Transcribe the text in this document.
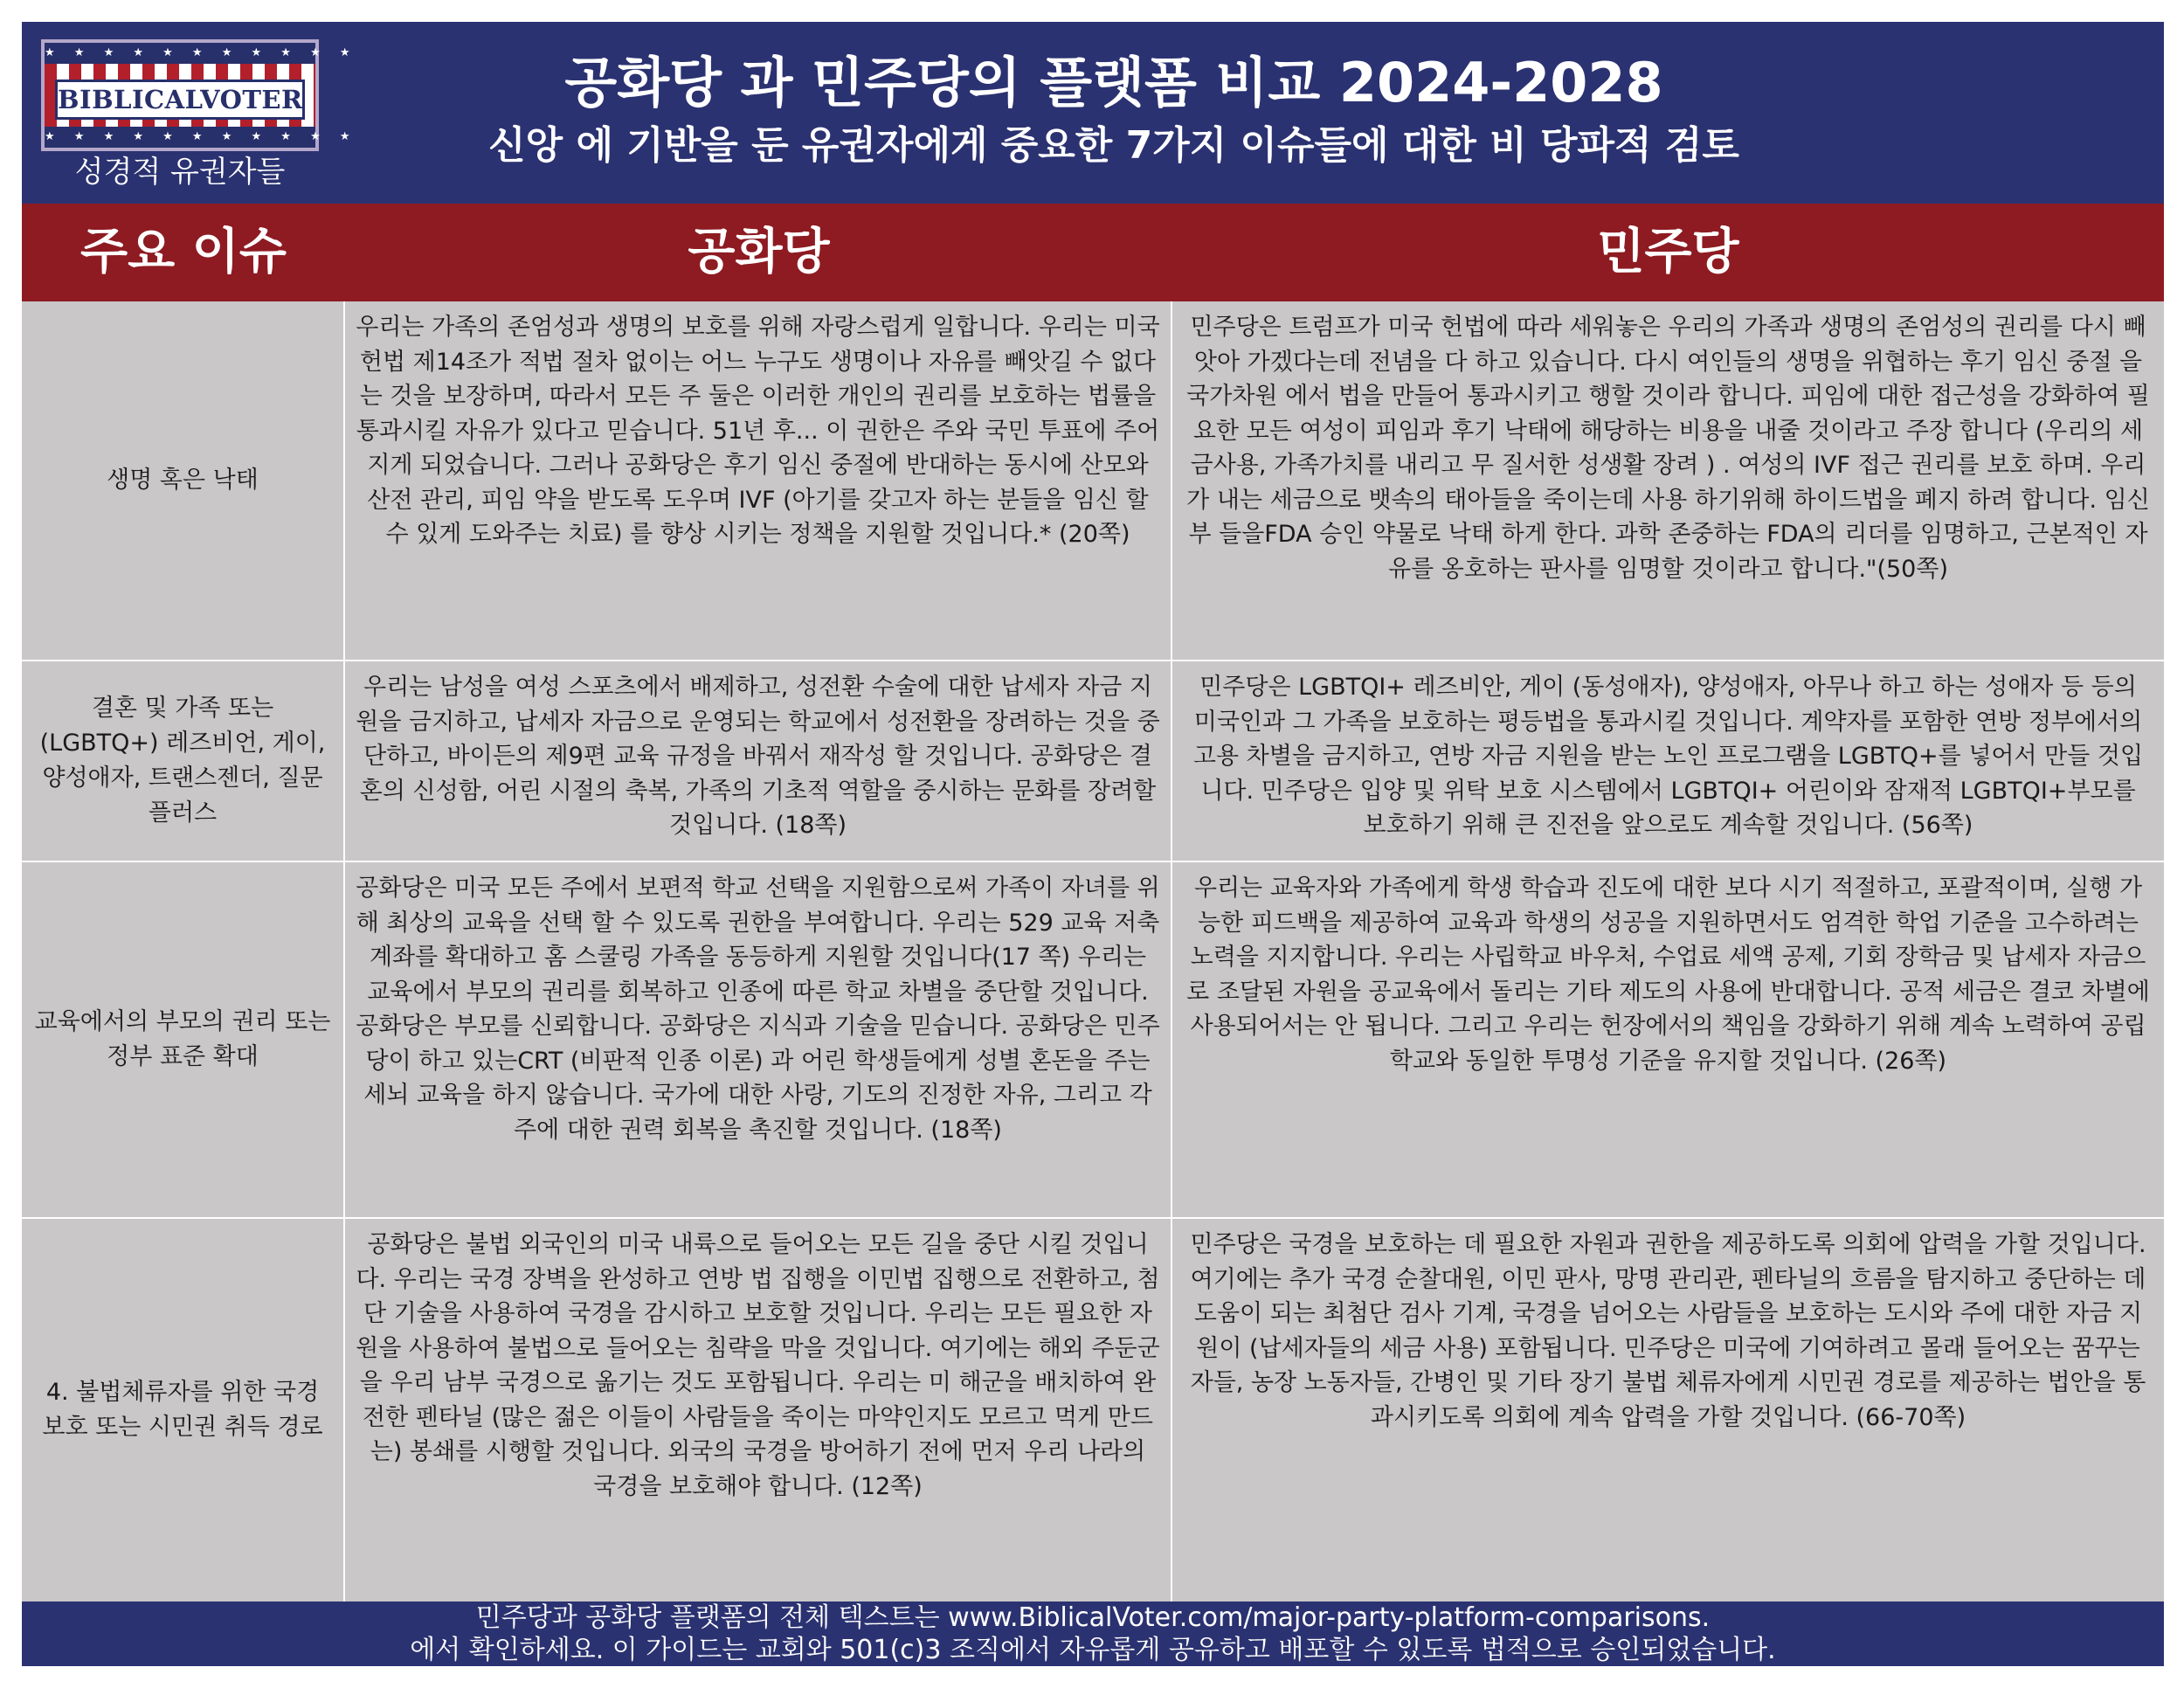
★ ★ ★ ★ ★ ★ ★ ★ ★ ★ ★
BIBLICALVOTER
★ ★ ★ ★ ★ ★ ★ ★ ★ ★ ★
성경적 유권자들
공화당 과 민주당의 플랫폼 비교 2024-2028
신앙 에 기반을 둔 유권자에게 중요한 7가지 이슈들에 대한 비 당파적 검토
주요 이슈	공화당	민주당
생명 혹은 낙태
우리는 가족의 존엄성과 생명의 보호를 위해 자랑스럽게 일합니다. 우리는 미국 헌법 제14조가 적법 절차 없이는 어느 누구도 생명이나 자유를 빼앗길 수 없다는 것을 보장하며, 따라서 모든 주 둘은 이러한 개인의 권리를 보호하는 법률을 통과시킬 자유가 있다고 믿습니다. 51년 후... 이 권한은 주와 국민 투표에 주어지게 되었습니다. 그러나 공화당은 후기 임신 중절에 반대하는 동시에 산모와 산전 관리, 피임 약을 받도록 도우며 IVF (아기를 갖고자 하는 분들을 임신 할 수 있게 도와주는 치료) 를 향상 시키는 정책을 지원할 것입니다.* (20쪽)
민주당은 트럼프가 미국 헌법에 따라 세워놓은 우리의 가족과 생명의 존엄성의 권리를 다시 빼앗아 가겠다는데 전념을 다 하고 있습니다. 다시 여인들의 생명을 위협하는 후기 임신 중절 을 국가차원 에서 법을 만들어 통과시키고 행할 것이라 합니다. 피임에 대한 접근성을 강화하여 필요한 모든 여성이 피임과 후기 낙태에 해당하는 비용을 내줄 것이라고 주장 합니다 (우리의 세금사용, 가족가치를 내리고 무 질서한 성생활 장려 ) . 여성의 IVF 접근 권리를 보호 하며. 우리가 내는 세금으로 뱃속의 태아들을 죽이는데 사용 하기위해 하이드법을 폐지 하려 합니다. 임신부 들을FDA 승인 약물로 낙태 하게 한다. 과학 존중하는 FDA의 리더를 임명하고, 근본적인 자유를 옹호하는 판사를 임명할 것이라고 합니다."(50쪽)
결혼 및 가족 또는 (LGBTQ+) 레즈비언, 게이, 양성애자, 트랜스젠더, 질문 플러스
우리는 남성을 여성 스포츠에서 배제하고, 성전환 수술에 대한 납세자 자금 지원을 금지하고, 납세자 자금으로 운영되는 학교에서 성전환을 장려하는 것을 중단하고, 바이든의 제9편 교육 규정을 바꿔서 재작성 할 것입니다. 공화당은 결혼의 신성함, 어린 시절의 축복, 가족의 기초적 역할을 중시하는 문화를 장려할 것입니다. (18쪽)
민주당은 LGBTQI+ 레즈비안, 게이 (동성애자), 양성애자, 아무나 하고 하는 성애자 등 등의 미국인과 그 가족을 보호하는 평등법을 통과시킬 것입니다. 계약자를 포함한 연방 정부에서의 고용 차별을 금지하고, 연방 자금 지원을 받는 노인 프로그램을 LGBTQ+를 넣어서 만들 것입니다. 민주당은 입양 및 위탁 보호 시스템에서 LGBTQI+ 어린이와 잠재적 LGBTQI+부모를 보호하기 위해 큰 진전을 앞으로도 계속할 것입니다. (56쪽)
교육에서의 부모의 권리 또는 정부 표준 확대
공화당은 미국 모든 주에서 보편적 학교 선택을 지원함으로써 가족이 자녀를 위해 최상의 교육을 선택 할 수 있도록 권한을 부여합니다. 우리는 529 교육 저축 계좌를 확대하고 홈 스쿨링 가족을 동등하게 지원할 것입니다(17 쪽) 우리는 교육에서 부모의 권리를 회복하고 인종에 따른 학교 차별을 중단할 것입니다. 공화당은 부모를 신뢰합니다. 공화당은 지식과 기술을 믿습니다. 공화당은 민주당이 하고 있는CRT (비판적 인종 이론) 과 어린 학생들에게 성별 혼돈을 주는 세뇌 교육을 하지 않습니다. 국가에 대한 사랑, 기도의 진정한 자유, 그리고 각 주에 대한 권력 회복을 촉진할 것입니다. (18쪽)
우리는 교육자와 가족에게 학생 학습과 진도에 대한 보다 시기 적절하고, 포괄적이며, 실행 가능한 피드백을 제공하여 교육과 학생의 성공을 지원하면서도 엄격한 학업 기준을 고수하려는 노력을 지지합니다. 우리는 사립학교 바우처, 수업료 세액 공제, 기회 장학금 및 납세자 자금으로 조달된 자원을 공교육에서 돌리는 기타 제도의 사용에 반대합니다. 공적 세금은 결코 차별에 사용되어서는 안 됩니다. 그리고 우리는 헌장에서의 책임을 강화하기 위해 계속 노력하여 공립학교와 동일한 투명성 기준을 유지할 것입니다. (26쪽)
4. 불법체류자를 위한 국경 보호 또는 시민권 취득 경로
공화당은 불법 외국인의 미국 내륙으로 들어오는 모든 길을 중단 시킬 것입니다. 우리는 국경 장벽을 완성하고 연방 법 집행을 이민법 집행으로 전환하고, 첨단 기술을 사용하여 국경을 감시하고 보호할 것입니다. 우리는 모든 필요한 자원을 사용하여 불법으로 들어오는 침략을 막을 것입니다. 여기에는 해외 주둔군을 우리 남부 국경으로 옮기는 것도 포함됩니다. 우리는 미 해군을 배치하여 완전한 펜타닐 (많은 젊은 이들이 사람들을 죽이는 마약인지도 모르고 먹게 만드는) 봉쇄를 시행할 것입니다. 외국의 국경을 방어하기 전에 먼저 우리 나라의 국경을 보호해야 합니다. (12쪽)
민주당은 국경을 보호하는 데 필요한 자원과 권한을 제공하도록 의회에 압력을 가할 것입니다. 여기에는 추가 국경 순찰대원, 이민 판사, 망명 관리관, 펜타닐의 흐름을 탐지하고 중단하는 데 도움이 되는 최첨단 검사 기계, 국경을 넘어오는 사람들을 보호하는 도시와 주에 대한 자금 지원이 (납세자들의 세금 사용) 포함됩니다. 민주당은 미국에 기여하려고 몰래 들어오는 꿈꾸는자들, 농장 노동자들, 간병인 및 기타 장기 불법 체류자에게 시민권 경로를 제공하는 법안을 통과시키도록 의회에 계속 압력을 가할 것입니다. (66-70쪽)
민주당과 공화당 플랫폼의 전체 텍스트는 www.BiblicalVoter.com/major-party-platform-comparisons.
에서 확인하세요. 이 가이드는 교회와 501(c)3 조직에서 자유롭게 공유하고 배포할 수 있도록 법적으로 승인되었습니다.
